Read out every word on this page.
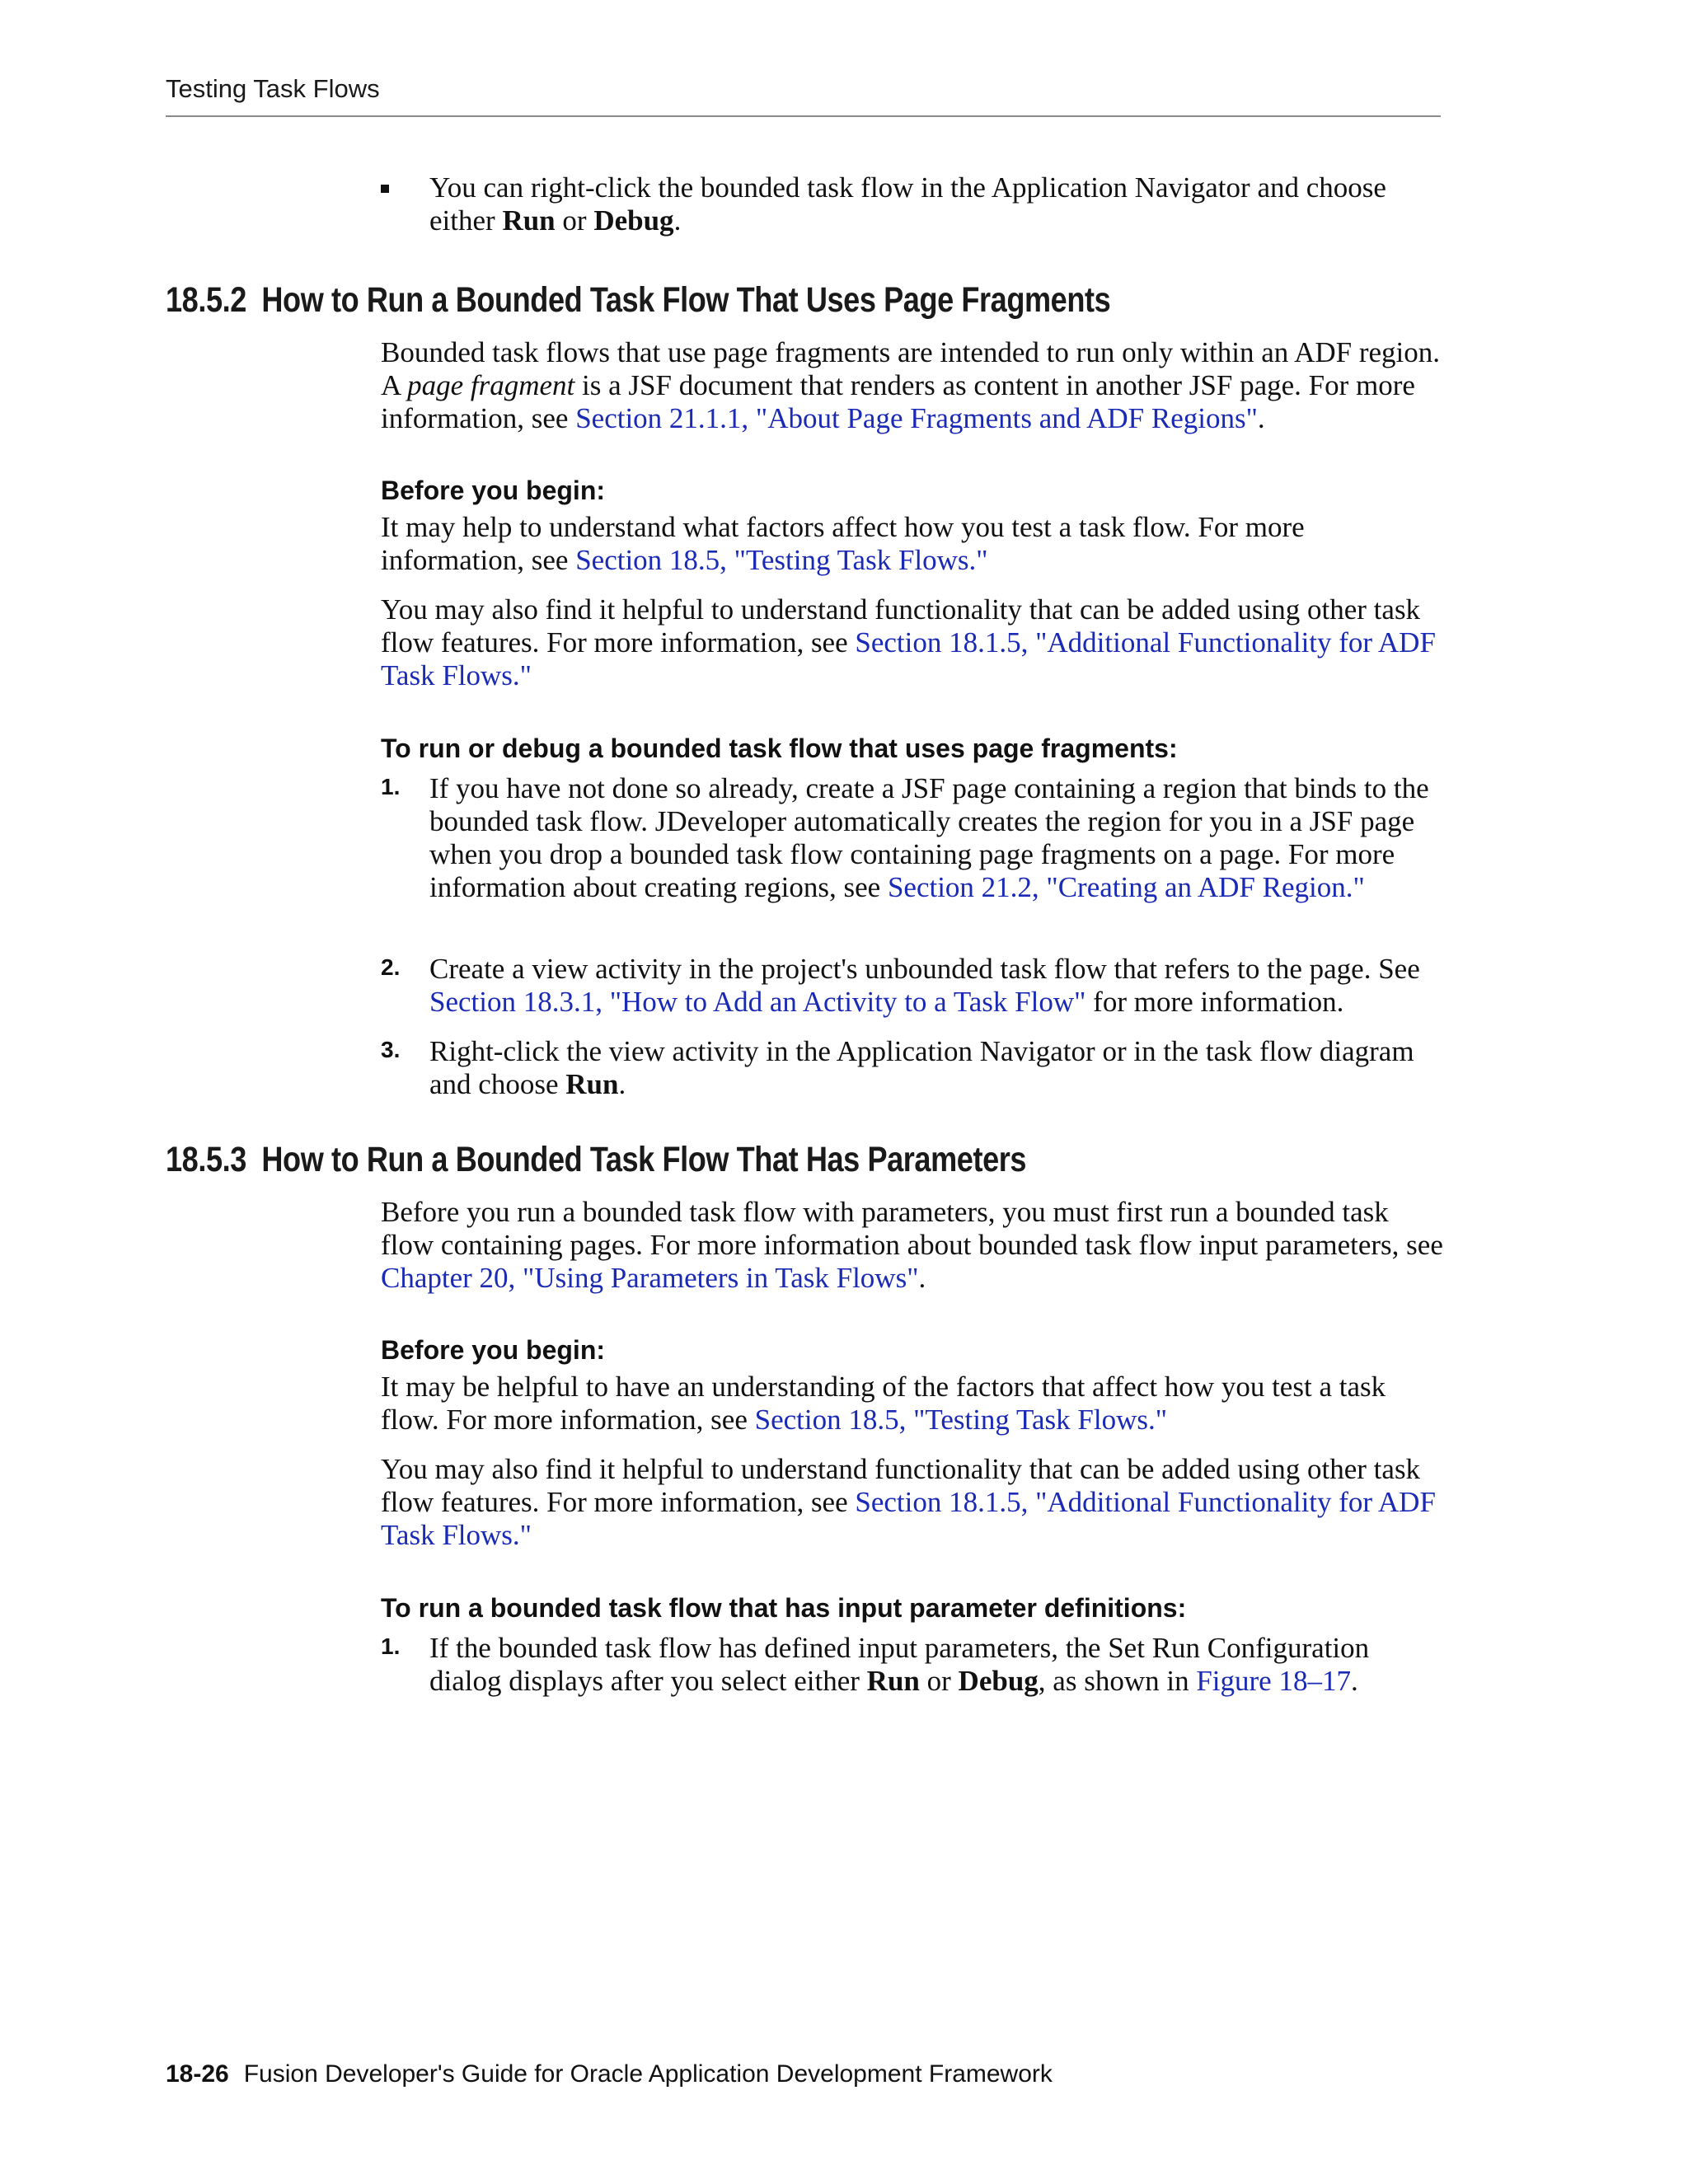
Testing Task Flows

You can right-click the bounded task flow in the Application Navigator and choose either Run or Debug.

18.5.2 How to Run a Bounded Task Flow That Uses Page Fragments

Bounded task flows that use page fragments are intended to run only within an ADF region. A page fragment is a JSF document that renders as content in another JSF page. For more information, see Section 21.1.1, "About Page Fragments and ADF Regions".

Before you begin:

It may help to understand what factors affect how you test a task flow. For more information, see Section 18.5, "Testing Task Flows."

You may also find it helpful to understand functionality that can be added using other task flow features. For more information, see Section 18.1.5, "Additional Functionality for ADF Task Flows."

To run or debug a bounded task flow that uses page fragments:
1. If you have not done so already, create a JSF page containing a region that binds to the bounded task flow. JDeveloper automatically creates the region for you in a JSF page when you drop a bounded task flow containing page fragments on a page. For more information about creating regions, see Section 21.2, "Creating an ADF Region."

2. Create a view activity in the project's unbounded task flow that refers to the page. See Section 18.3.1, "How to Add an Activity to a Task Flow" for more information.

3. Right-click the view activity in the Application Navigator or in the task flow diagram and choose Run.

18.5.3 How to Run a Bounded Task Flow That Has Parameters

Before you run a bounded task flow with parameters, you must first run a bounded task flow containing pages. For more information about bounded task flow input parameters, see Chapter 20, "Using Parameters in Task Flows".

Before you begin:

It may be helpful to have an understanding of the factors that affect how you test a task flow. For more information, see Section 18.5, "Testing Task Flows."

You may also find it helpful to understand functionality that can be added using other task flow features. For more information, see Section 18.1.5, "Additional Functionality for ADF Task Flows."

To run a bounded task flow that has input parameter definitions:
1. If the bounded task flow has defined input parameters, the Set Run Configuration dialog displays after you select either Run or Debug, as shown in Figure 18–17.

18-26 Fusion Developer's Guide for Oracle Application Development Framework
